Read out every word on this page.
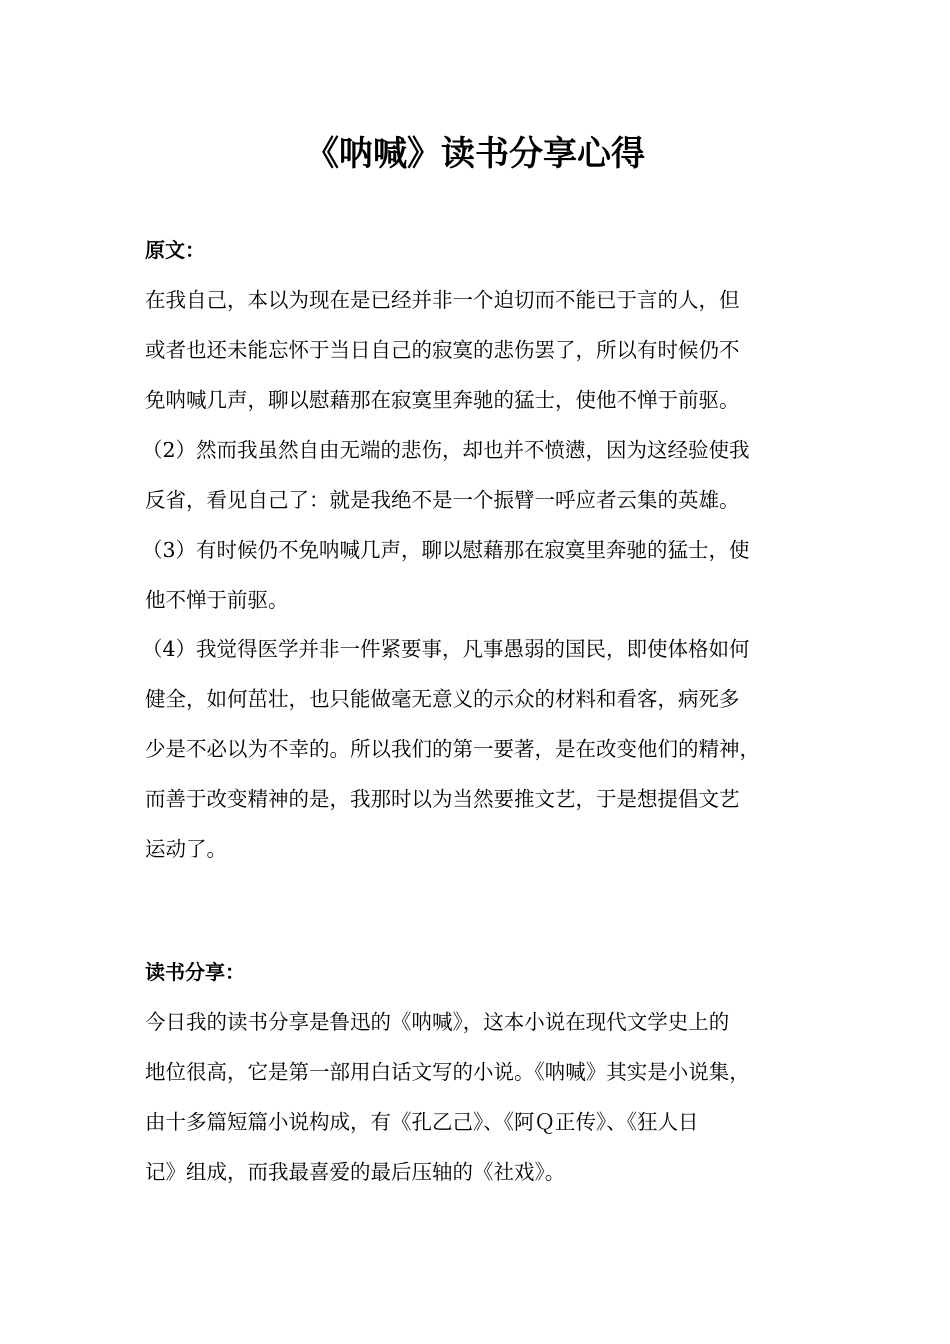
《呐喊》读书分享心得
原文：

在我自己，本以为现在是已经并非一个迫切而不能已于言的人，但

或者也还未能忘怀于当日自己的寂寞的悲伤罢了，所以有时候仍不

免呐喊几声，聊以慰藉那在寂寞里奔驰的猛士，使他不惮于前驱。

（2）然而我虽然自由无端的悲伤，却也并不愤懑，因为这经验使我

反省，看见自己了：就是我绝不是一个振臂一呼应者云集的英雄。

（3）有时候仍不免呐喊几声，聊以慰藉那在寂寞里奔驰的猛士，使

他不惮于前驱。

（4）我觉得医学并非一件紧要事，凡事愚弱的国民，即使体格如何

健全，如何茁壮，也只能做毫无意义的示众的材料和看客，病死多

少是不必以为不幸的。所以我们的第一要著，是在改变他们的精神，

而善于改变精神的是，我那时以为当然要推文艺，于是想提倡文艺

运动了。

读书分享：

今日我的读书分享是鲁迅的《呐喊》，这本小说在现代文学史上的

地位很高，它是第一部用白话文写的小说。《呐喊》其实是小说集，

由十多篇短篇小说构成，有《孔乙己》、《阿Ｑ正传》、《狂人日

记》组成，而我最喜爱的最后压轴的《社戏》。
